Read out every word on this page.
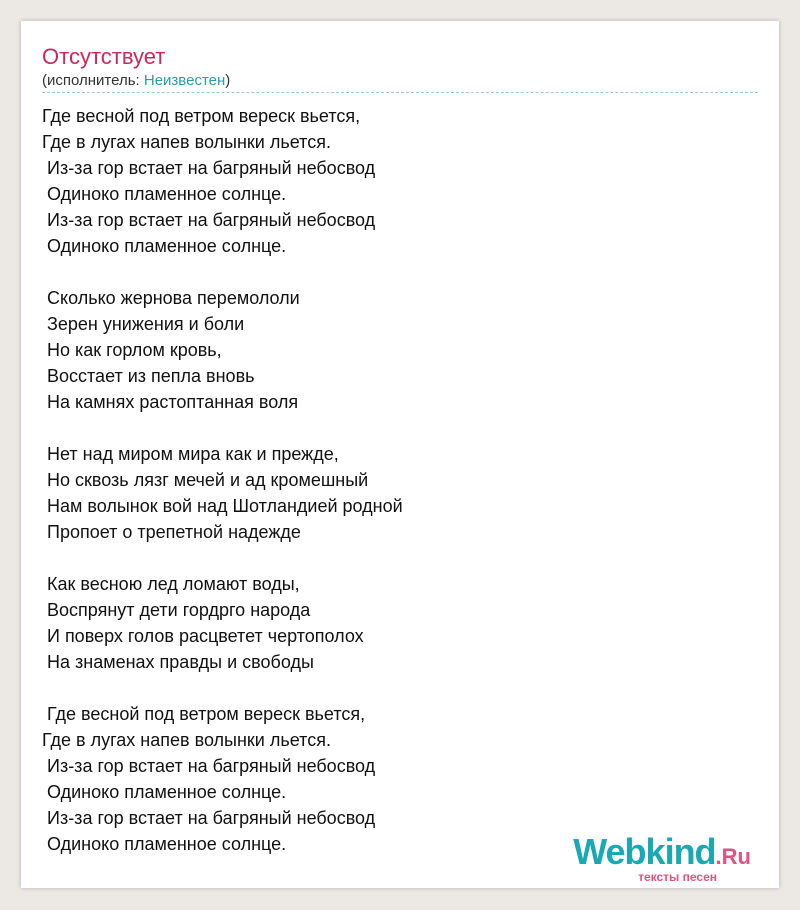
Отсутствует
(исполнитель: Неизвестен)
Где весной под ветром вереск вьется,
Где в лугах напев волынки льется.
Из-за гор встает на багряный небосвод
Одиноко пламенное солнце.
Из-за гор встает на багряный небосвод
Одиноко пламенное солнце.
Сколько жернова перемололи
Зерен унижения и боли
Но как горлом кровь,
Восстает из пепла вновь
На камнях растоптанная воля
Нет над миром мира как и прежде,
Но сквозь лязг мечей и ад кромешный
Нам волынок вой над Шотландией родной
Пропоет о трепетной надежде
Как весною лед ломают воды,
Воспрянут дети гордрго народа
И поверх голов расцветет чертополох
На знаменах правды и свободы
Где весной под ветром вереск вьется,
Где в лугах напев волынки льется.
Из-за гор встает на багряный небосвод
Одиноко пламенное солнце.
Из-за гор встает на багряный небосвод
Одиноко пламенное солнце.	Webkind.Ru
тексты песен
